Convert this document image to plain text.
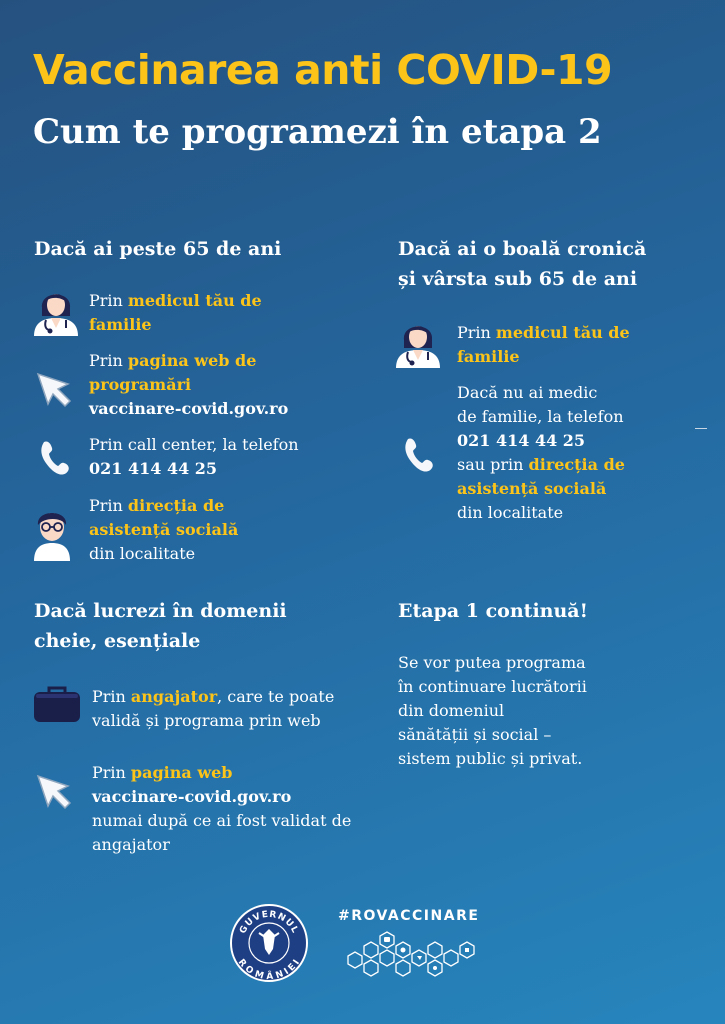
Vaccinarea anti COVID-19
Cum te programezi în etapa 2
Dacă ai peste 65 de ani
Prin medicul tău de familie
Prin pagina web de programări
vaccinare-covid.gov.ro
Prin call center, la telefon
021 414 44 25
Prin direcția de asistență socială
din localitate
Dacă ai o boală cronică
și vârsta sub 65 de ani
Prin medicul tău de familie
Dacă nu ai medic
de familie, la telefon
021 414 44 25
sau prin direcția de asistență socială
din localitate
Dacă lucrezi în domenii
cheie, esențiale
Prin angajator, care te poate validă și programa prin web
Prin pagina web
vaccinare-covid.gov.ro
numai după ce ai fost validat de angajator
Etapa 1 continuă!
Se vor putea programa
în continuare lucrătorii
din domeniul
sănătății și social –
sistem public și privat.
GUVERNUL
ROMÂNIEI
#ROVACCINARE
